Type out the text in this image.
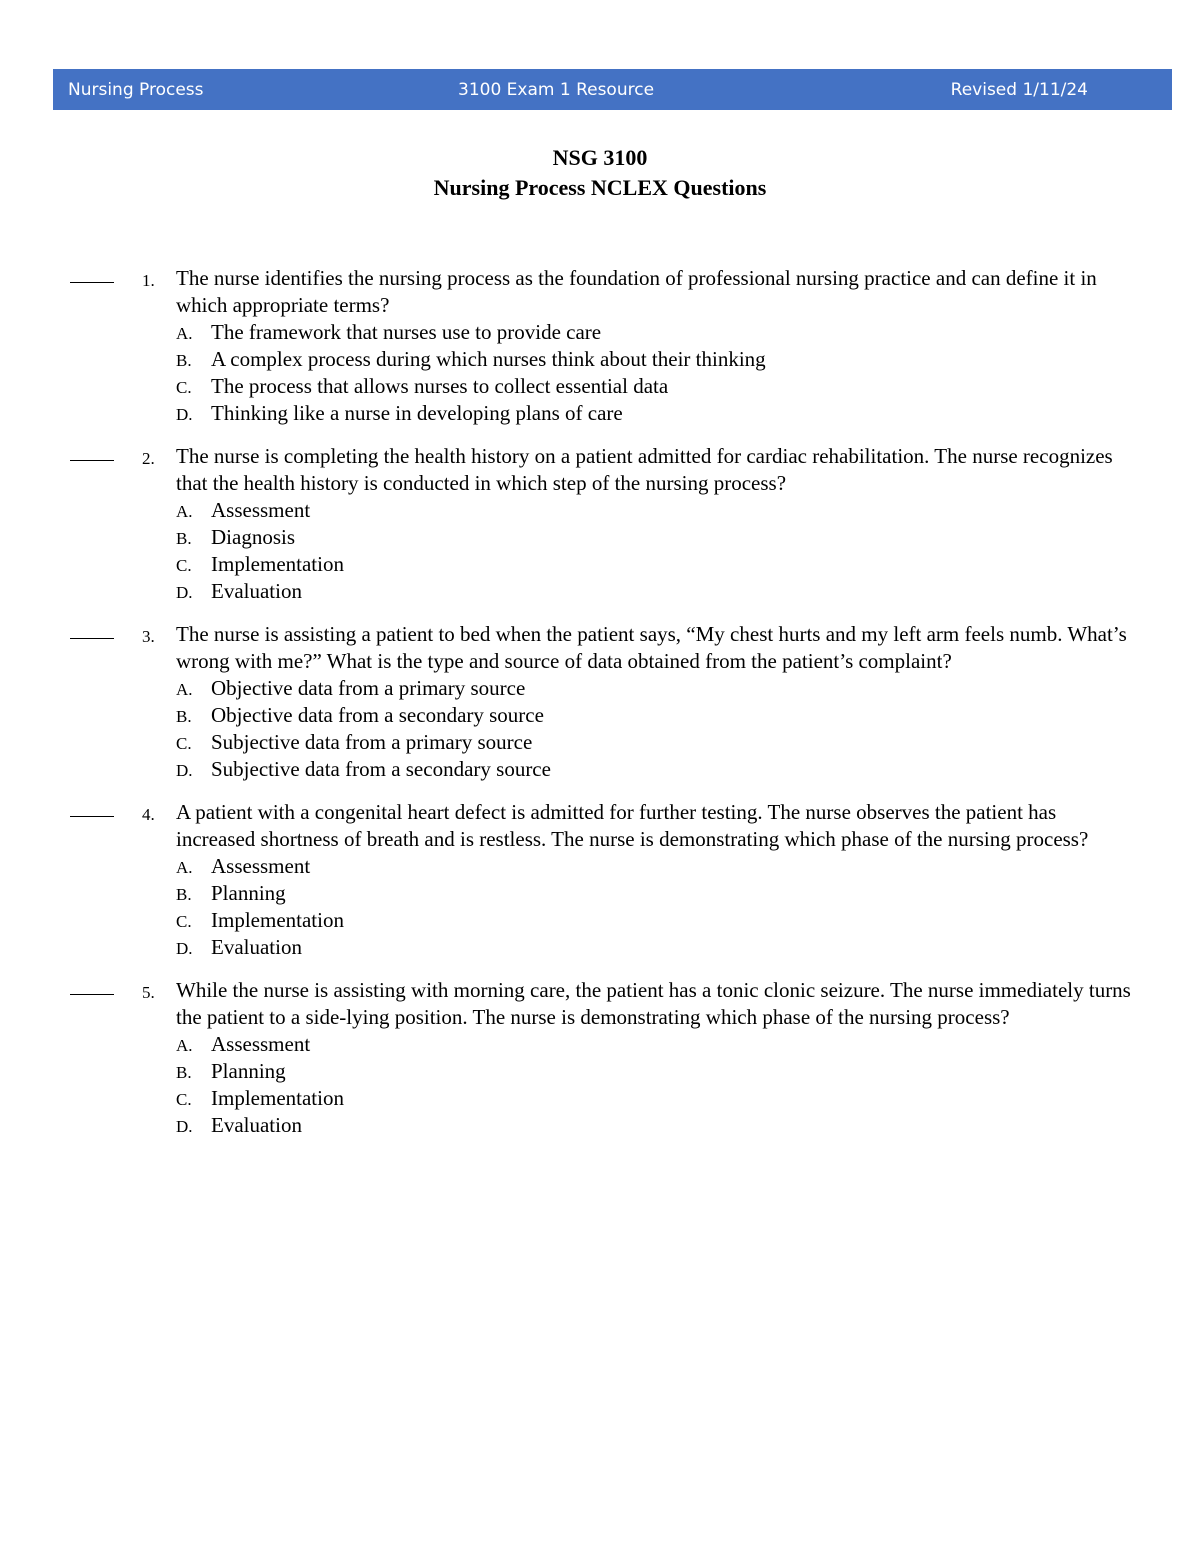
Nursing Process	3100 Exam 1 Resource	Revised 1/11/24
NSG 3100
Nursing Process NCLEX Questions
1. The nurse identifies the nursing process as the foundation of professional nursing practice and can define it in which appropriate terms?
A. The framework that nurses use to provide care
B. A complex process during which nurses think about their thinking
C. The process that allows nurses to collect essential data
D. Thinking like a nurse in developing plans of care
2. The nurse is completing the health history on a patient admitted for cardiac rehabilitation. The nurse recognizes that the health history is conducted in which step of the nursing process?
A. Assessment
B. Diagnosis
C. Implementation
D. Evaluation
3. The nurse is assisting a patient to bed when the patient says, “My chest hurts and my left arm feels numb. What’s wrong with me?” What is the type and source of data obtained from the patient’s complaint?
A. Objective data from a primary source
B. Objective data from a secondary source
C. Subjective data from a primary source
D. Subjective data from a secondary source
4. A patient with a congenital heart defect is admitted for further testing. The nurse observes the patient has increased shortness of breath and is restless. The nurse is demonstrating which phase of the nursing process?
A. Assessment
B. Planning
C. Implementation
D. Evaluation
5. While the nurse is assisting with morning care, the patient has a tonic clonic seizure. The nurse immediately turns the patient to a side-lying position. The nurse is demonstrating which phase of the nursing process?
A. Assessment
B. Planning
C. Implementation
D. Evaluation
